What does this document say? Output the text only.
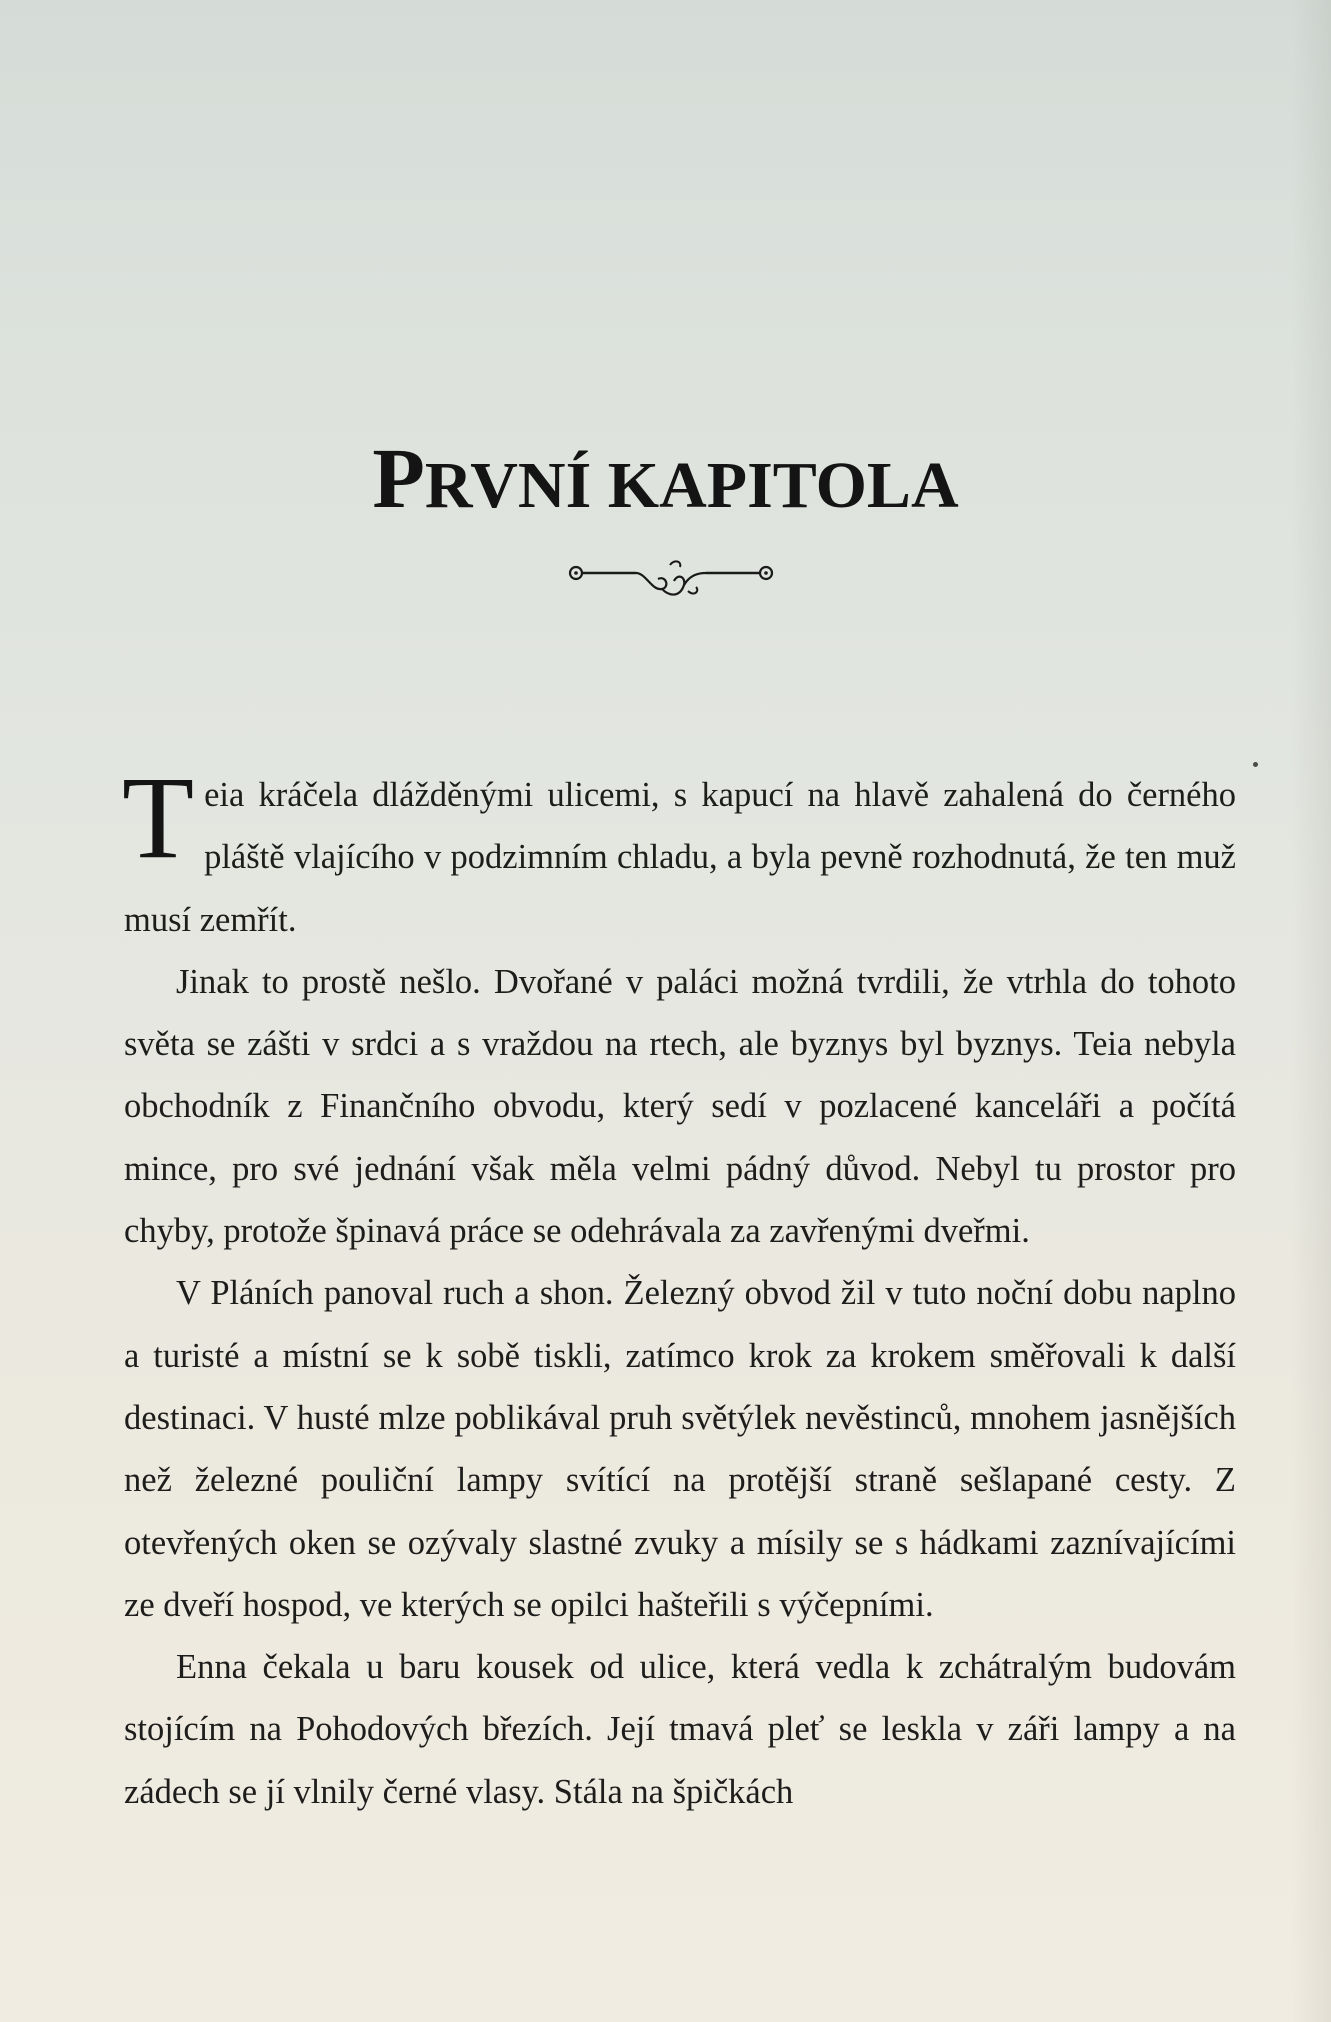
PRVNÍ KAPITOLA

Teia kráčela dlážděnými ulicemi, s kapucí na hlavě zahalená do černého pláště vlajícího v podzimním chladu, a byla pevně rozhodnutá, že ten muž musí zemřít.

Jinak to prostě nešlo. Dvořané v paláci možná tvrdili, že vtrhla do tohoto světa se zášti v srdci a s vraždou na rtech, ale byznys byl byznys. Teia nebyla obchodník z Finančního obvodu, který sedí v pozlacené kanceláři a počítá mince, pro své jednání však měla velmi pádný důvod. Nebyl tu prostor pro chyby, protože špinavá práce se odehrávala za zavřenými dveřmi.

V Pláních panoval ruch a shon. Železný obvod žil v tuto noční dobu naplno a turisté a místní se k sobě tiskli, zatímco krok za krokem směřovali k další destinaci. V husté mlze poblikával pruh světýlek nevěstinců, mnohem jasnějších než železné pouliční lampy svítící na protější straně sešlapané cesty. Z otevřených oken se ozývaly slastné zvuky a mísily se s hádkami zaznívajícími ze dveří hospod, ve kterých se opilci hašteřili s výčepními.

Enna čekala u baru kousek od ulice, která vedla k zchátralým budovám stojícím na Pohodových březích. Její tmavá pleť se leskla v záři lampy a na zádech se jí vlnily černé vlasy. Stála na špičkách
